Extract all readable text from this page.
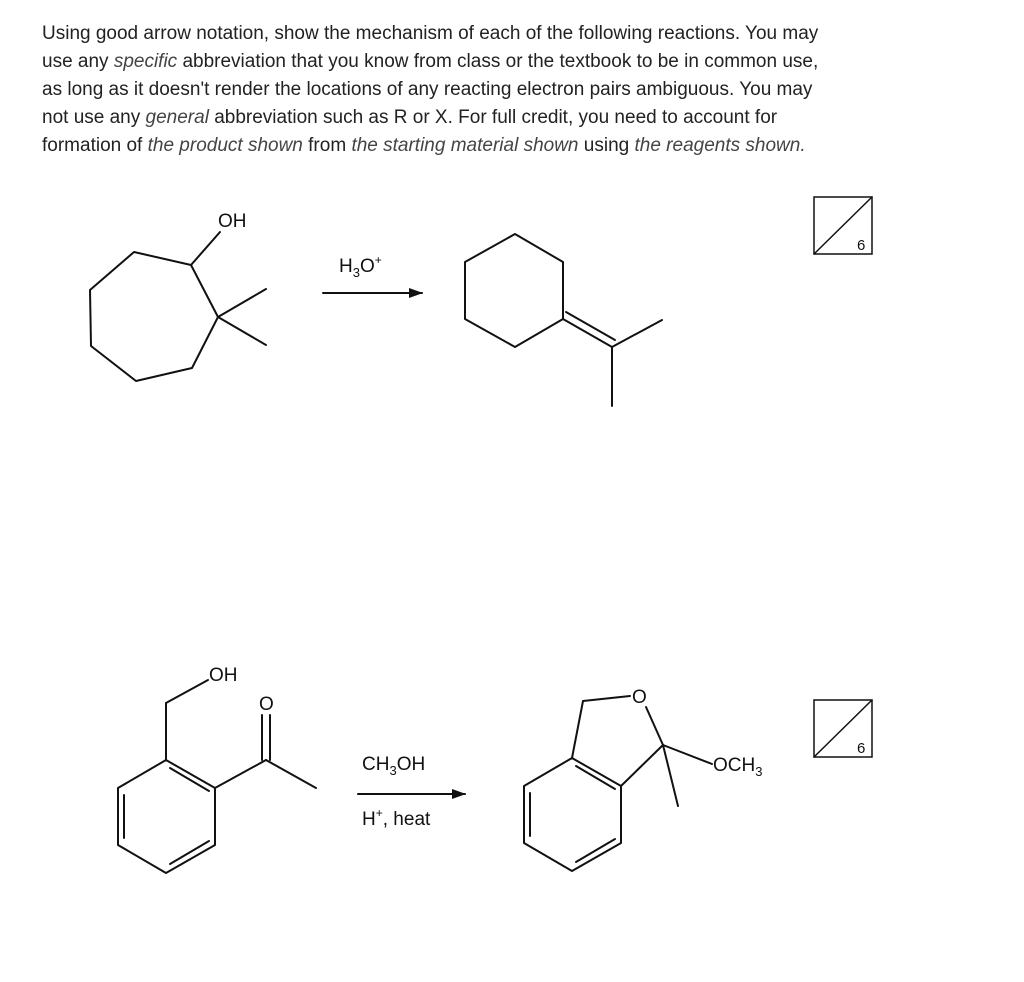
Using good arrow notation, show the mechanism of each of the following reactions. You may use any specific abbreviation that you know from class or the textbook to be in common use, as long as it doesn't render the locations of any reacting electron pairs ambiguous. You may not use any general abbreviation such as R or X. For full credit, you need to account for formation of the product shown from the starting material shown using the reagents shown.

OH
$H_3O^+$
6
OH
O
$CH_3OH$
H+, heat
O
$OCH_3$
6
